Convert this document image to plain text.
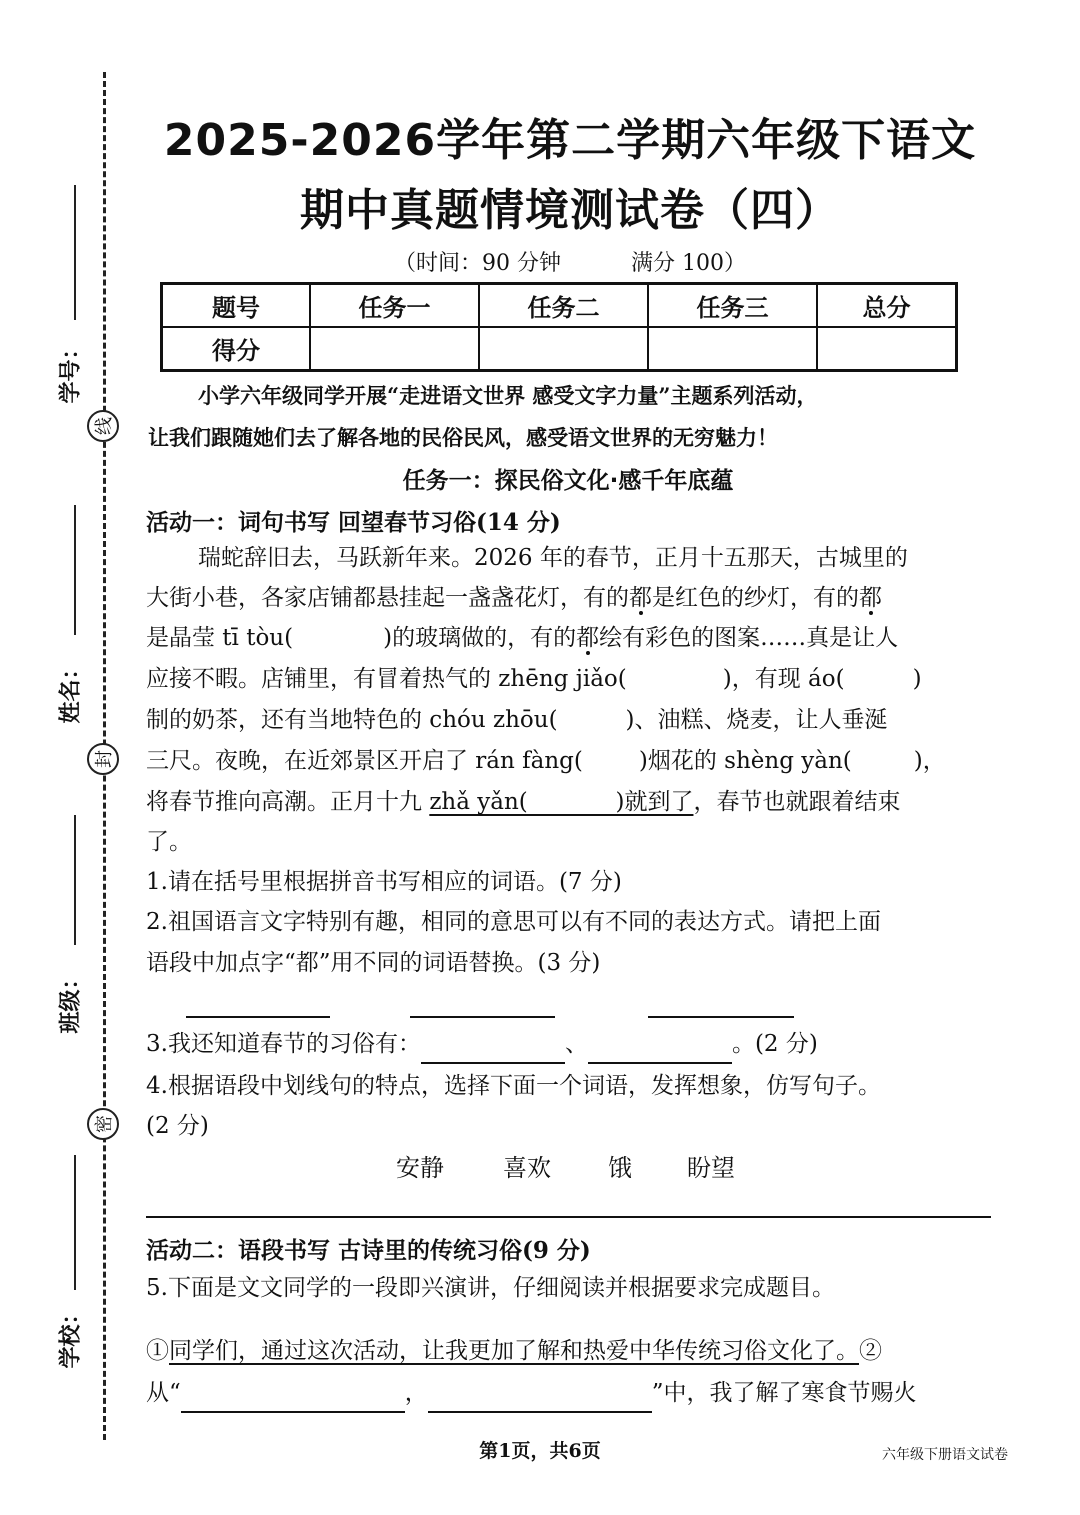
线
封
密
学号：
姓名：
班级：
学校：
2025-2026学年第二学期六年级下语文
期中真题情境测试卷（四）
（时间：90 分钟          满分 100）
题号	任务一	任务二	任务三	总分
得分				
小学六年级同学开展“走进语文世界 感受文字力量”主题系列活动，
让我们跟随她们去了解各地的民俗民风，感受语文世界的无穷魅力！
任务一：探民俗文化·感千年底蕴
活动一：词句书写 回望春节习俗(14 分)
瑞蛇辞旧去，马跃新年来。2026 年的春节，正月十五那天，古城里的
大街小巷，各家店铺都悬挂起一盏盏花灯，有的都是红色的纱灯，有的都
是晶莹 tī tòu(	)的玻璃做的，有的都绘有彩色的图案……真是让人
应接不暇。店铺里，有冒着热气的 zhēng jiǎo(	)，有现 áo(	)
制的奶茶，还有当地特色的 chóu zhōu(	)、油糕、烧麦，让人垂涎
三尺。夜晚，在近郊景区开启了 rán fàng( )烟花的 shèng yàn(	)，
将春节推向高潮。正月十九 zhǎ yǎn(            )就到了，春节也就跟着结束
了。
1.请在括号里根据拼音书写相应的词语。(7 分)
2.祖国语言文字特别有趣，相同的意思可以有不同的表达方式。请把上面
语段中加点字“都”用不同的词语替换。(3 分)
3.我还知道春节的习俗有：	、	。(2 分)
4.根据语段中划线句的特点，选择下面一个词语，发挥想象，仿写句子。
(2 分)
安静 喜欢 饿 盼望
活动二：语段书写 古诗里的传统习俗(9 分)
5.下面是文文同学的一段即兴演讲，仔细阅读并根据要求完成题目。
①同学们，通过这次活动，让我更加了解和热爱中华传统习俗文化了。②
从“	，	”中，我了解了寒食节赐火
第1页，共6页	六年级下册语文试卷
